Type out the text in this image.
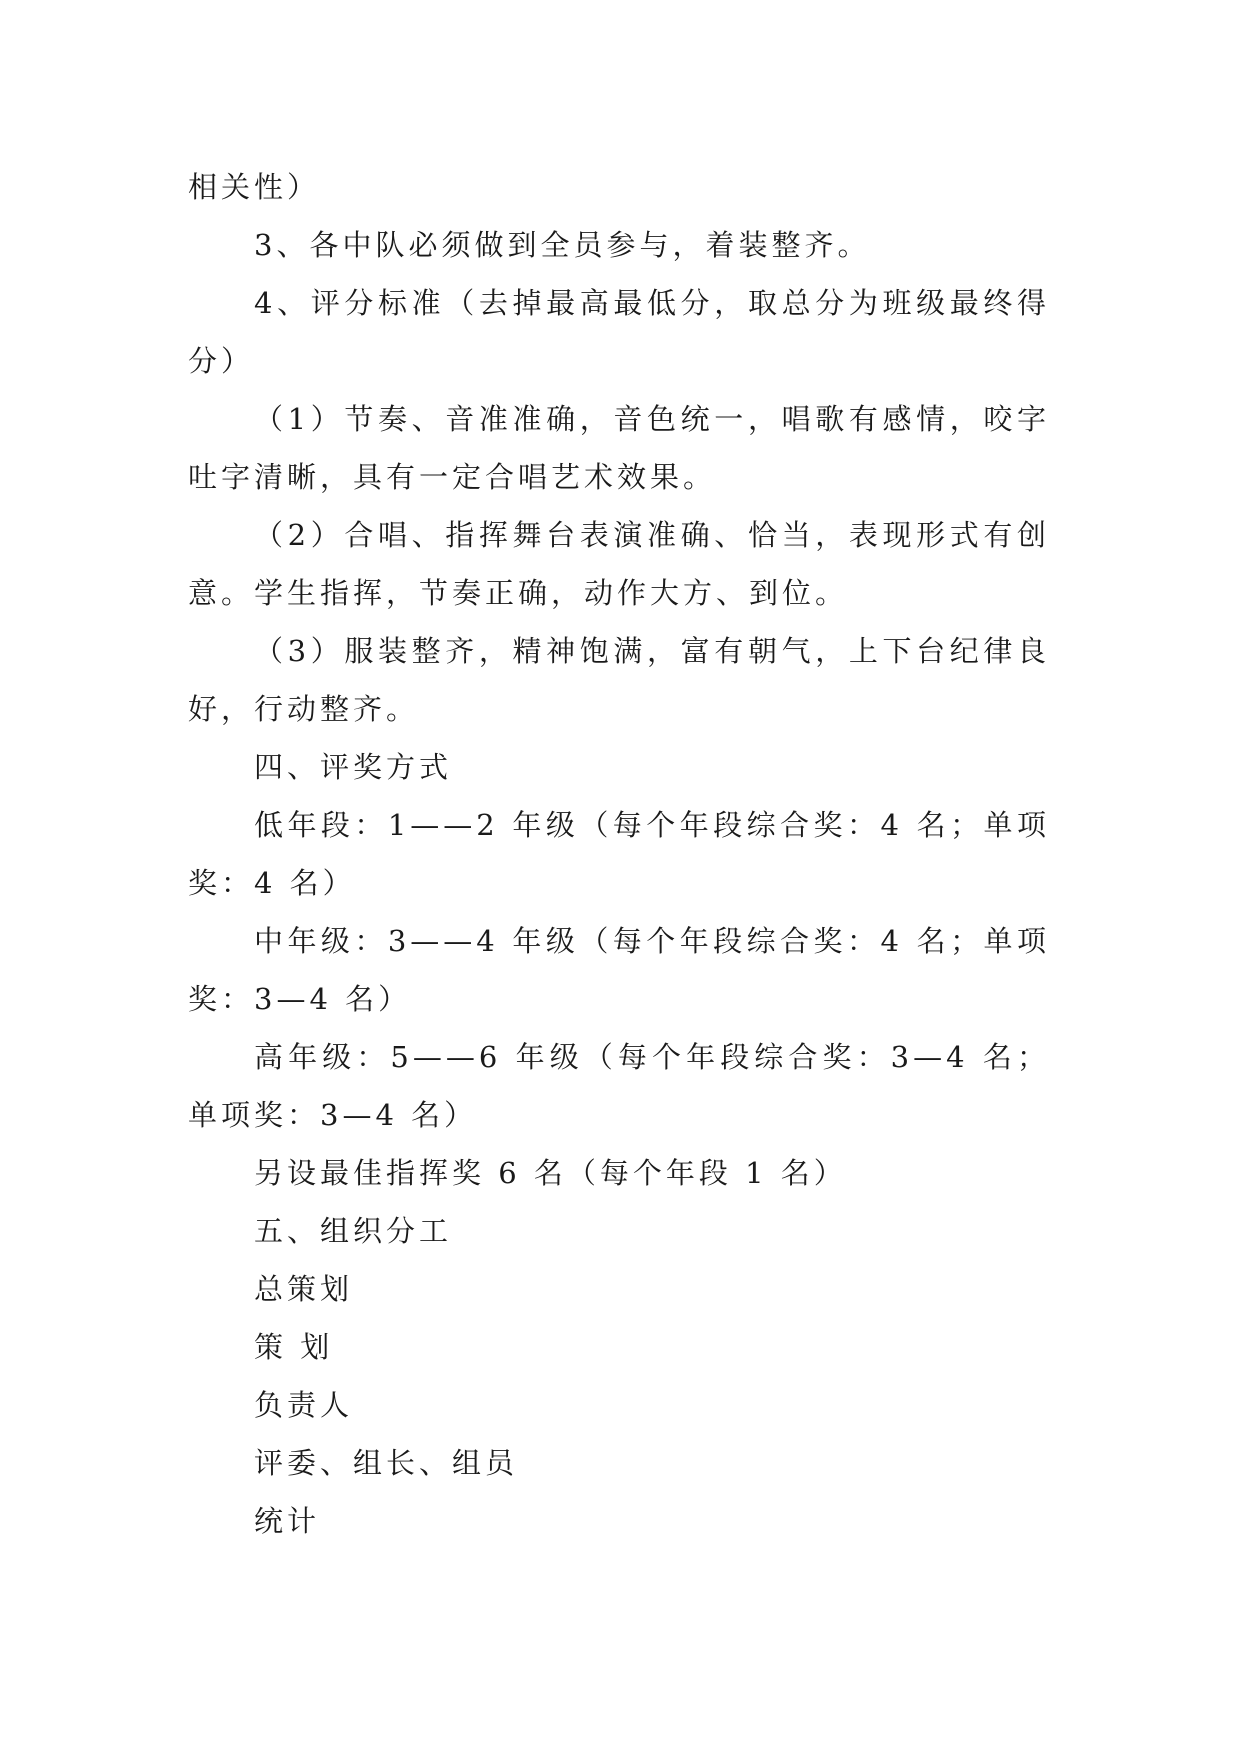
相关性）

3、各中队必须做到全员参与，着装整齐。

4、评分标准（去掉最高最低分，取总分为班级最终得分）

（1）节奏、音准准确，音色统一，唱歌有感情，咬字吐字清晰，具有一定合唱艺术效果。

（2）合唱、指挥舞台表演准确、恰当，表现形式有创意。学生指挥，节奏正确，动作大方、到位。

（3）服装整齐，精神饱满，富有朝气，上下台纪律良好，行动整齐。

四、评奖方式

低年段：1——2 年级（每个年段综合奖：4 名；单项奖：4 名）

中年级：3——4 年级（每个年段综合奖：4 名；单项奖：3—4 名）

高年级：5——6 年级（每个年段综合奖：3—4 名；单项奖：3—4 名）

另设最佳指挥奖 6 名（每个年段 1 名）

五、组织分工

总策划

策 划

负责人

评委、组长、组员

统计
